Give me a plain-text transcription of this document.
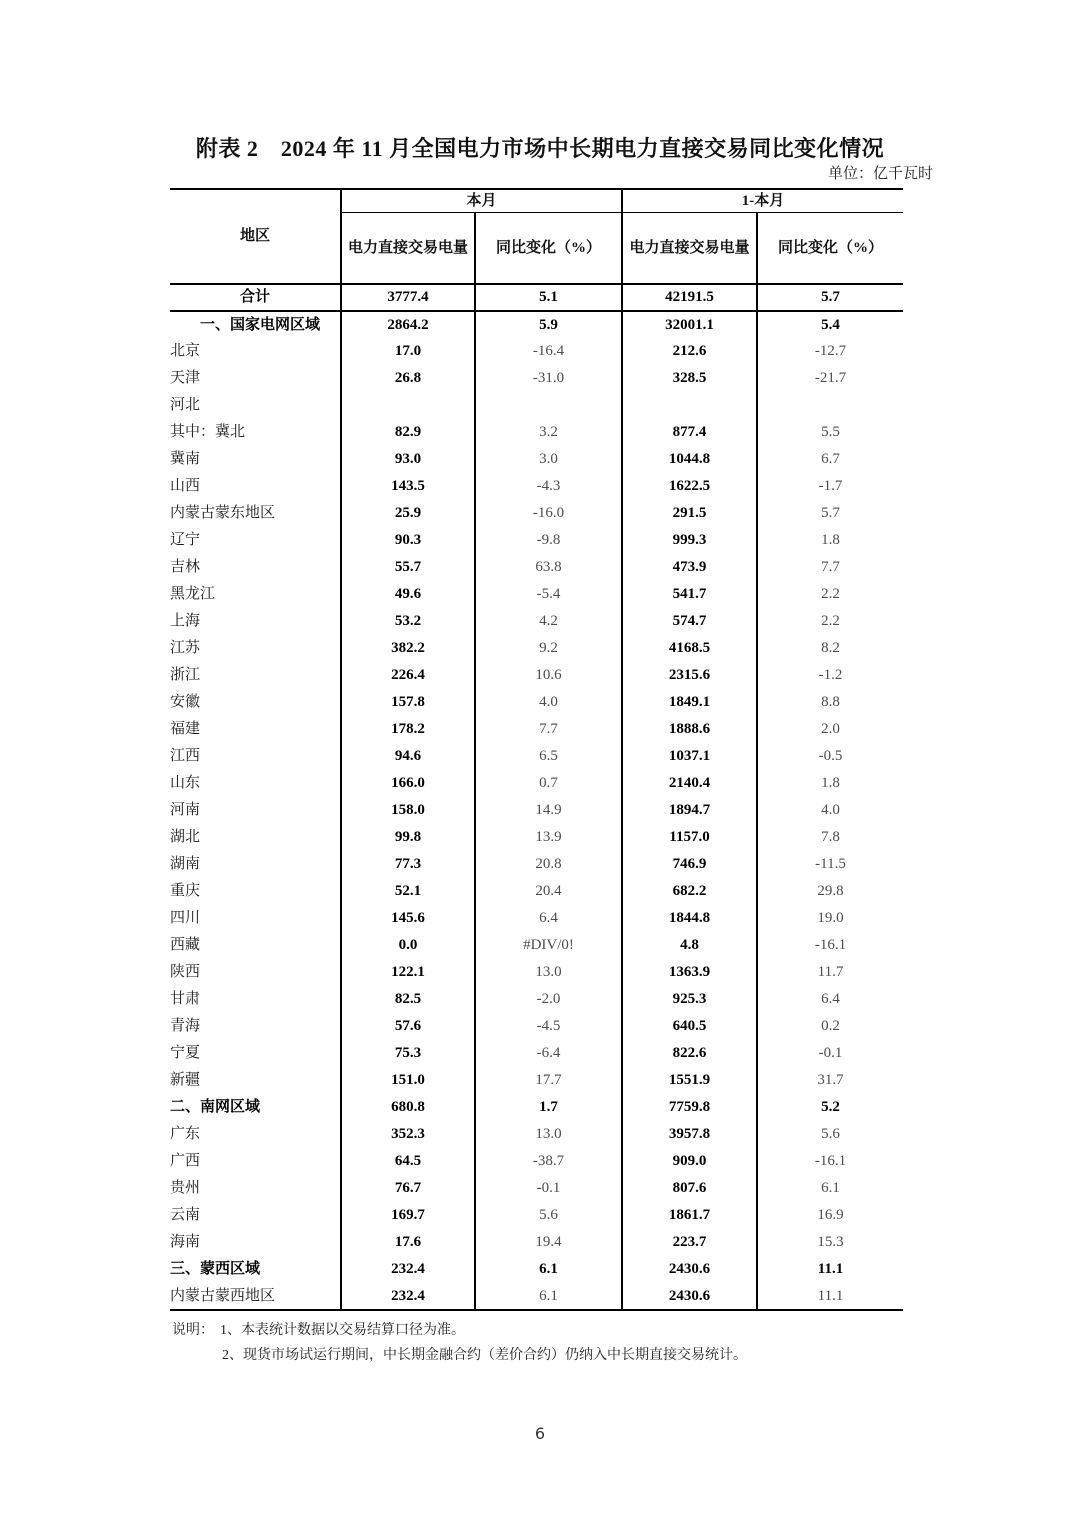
附表 2　2024 年 11 月全国电力市场中长期电力直接交易同比变化情况
单位：亿千瓦时
地区	本月		1-本月	
	电力直接交易电量	同比变化（%）	电力直接交易电量	同比变化（%）
合计	3777.4	5.1	42191.5	5.7
一、国家电网区域	2864.2	5.9	32001.1	5.4
北京	17.0	-16.4	212.6	-12.7
天津	26.8	-31.0	328.5	-21.7
河北				
其中：冀北	82.9	3.2	877.4	5.5
冀南	93.0	3.0	1044.8	6.7
山西	143.5	-4.3	1622.5	-1.7
内蒙古蒙东地区	25.9	-16.0	291.5	5.7
辽宁	90.3	-9.8	999.3	1.8
吉林	55.7	63.8	473.9	7.7
黑龙江	49.6	-5.4	541.7	2.2
上海	53.2	4.2	574.7	2.2
江苏	382.2	9.2	4168.5	8.2
浙江	226.4	10.6	2315.6	-1.2
安徽	157.8	4.0	1849.1	8.8
福建	178.2	7.7	1888.6	2.0
江西	94.6	6.5	1037.1	-0.5
山东	166.0	0.7	2140.4	1.8
河南	158.0	14.9	1894.7	4.0
湖北	99.8	13.9	1157.0	7.8
湖南	77.3	20.8	746.9	-11.5
重庆	52.1	20.4	682.2	29.8
四川	145.6	6.4	1844.8	19.0
西藏	0.0	#DIV/0!	4.8	-16.1
陕西	122.1	13.0	1363.9	11.7
甘肃	82.5	-2.0	925.3	6.4
青海	57.6	-4.5	640.5	0.2
宁夏	75.3	-6.4	822.6	-0.1
新疆	151.0	17.7	1551.9	31.7
二、南网区域	680.8	1.7	7759.8	5.2
广东	352.3	13.0	3957.8	5.6
广西	64.5	-38.7	909.0	-16.1
贵州	76.7	-0.1	807.6	6.1
云南	169.7	5.6	1861.7	16.9
海南	17.6	19.4	223.7	15.3
三、蒙西区域	232.4	6.1	2430.6	11.1
内蒙古蒙西地区	232.4	6.1	2430.6	11.1
说明： 1、本表统计数据以交易结算口径为准。
2、现货市场试运行期间，中长期金融合约（差价合约）仍纳入中长期直接交易统计。
6
